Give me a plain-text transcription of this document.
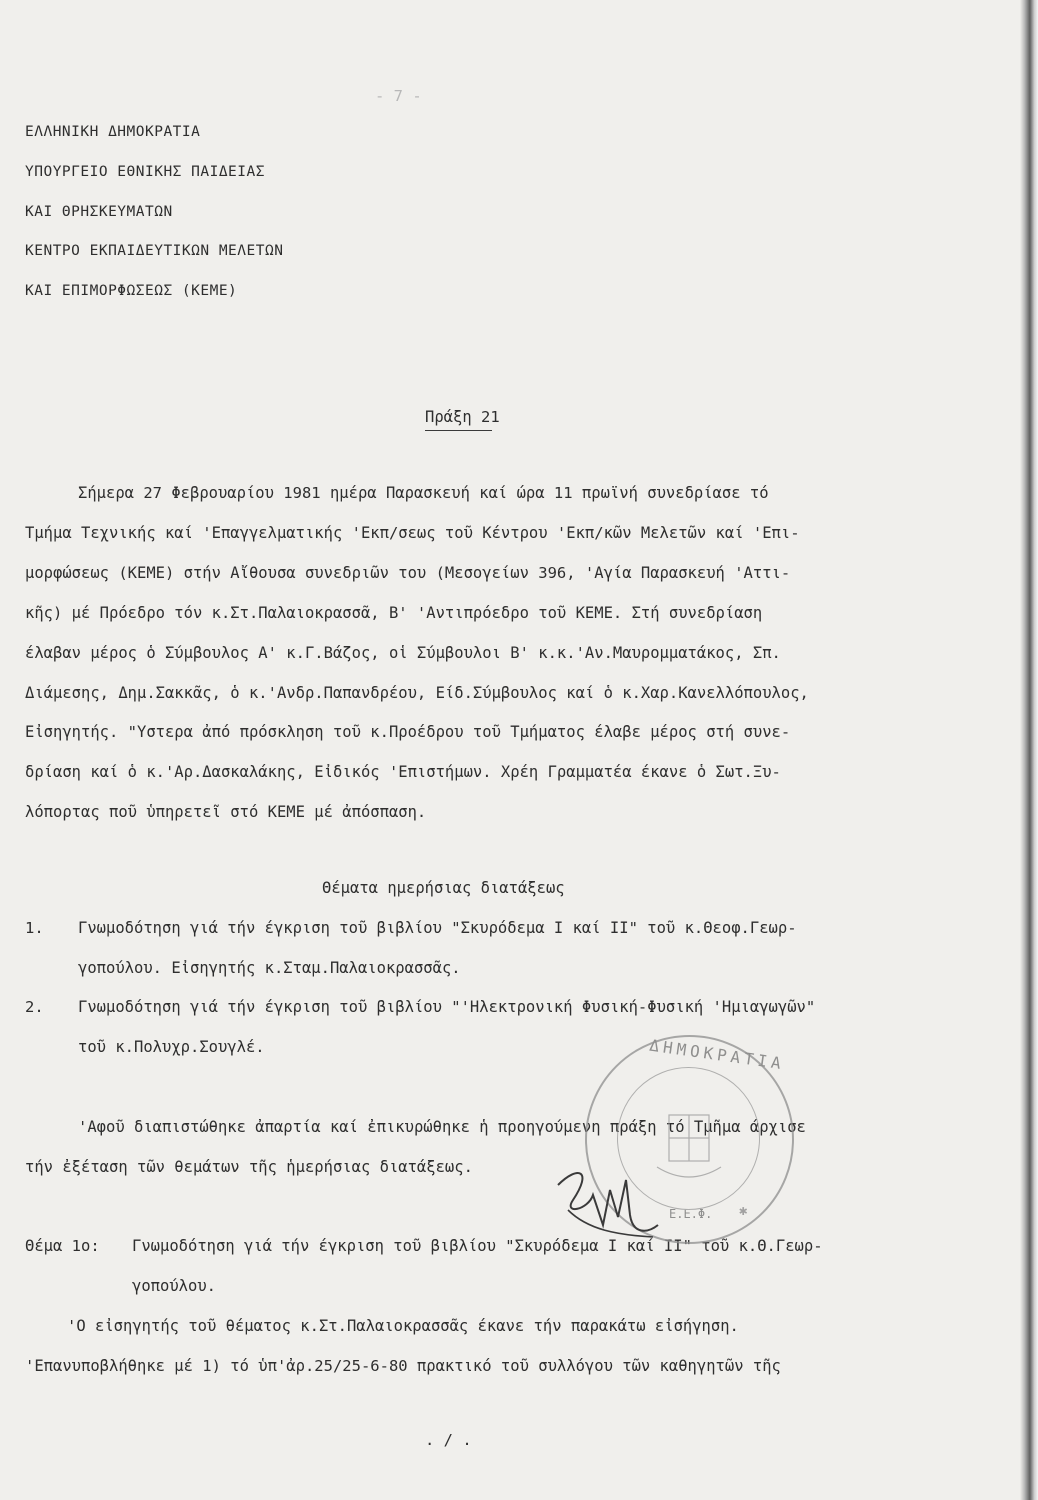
- 7 -
ΕΛΛΗΝΙΚΗ ΔΗΜΟΚΡΑΤΙΑ
ΥΠΟΥΡΓΕΙΟ ΕΘΝΙΚΗΣ ΠΑΙΔΕΙΑΣ
ΚΑΙ ΘΡΗΣΚΕΥΜΑΤΩΝ
ΚΕΝΤΡΟ ΕΚΠΑΙΔΕΥΤΙΚΩΝ ΜΕΛΕΤΩΝ
ΚΑΙ ΕΠΙΜΟΡΦΩΣΕΩΣ (ΚΕΜΕ)
Πράξη 21
Σήμερα 27 Φεβρουαρίου 1981 ημέρα Παρασκευή καί ώρα 11 πρωϊνή συνεδρίασε τό
Τμήμα Τεχνικής καί 'Επαγγελματικής 'Εκπ/σεως τοῦ Κέντρου 'Εκπ/κῶν Μελετῶν καί 'Επι-
μορφώσεως (ΚΕΜΕ) στήν Αἴθουσα συνεδριῶν του (Μεσογείων 396, 'Αγία Παρασκευή 'Αττι-
κῆς) μέ Πρόεδρο τόν κ.Στ.Παλαιοκρασσᾶ, Β' 'Αντιπρόεδρο τοῦ ΚΕΜΕ. Στή συνεδρίαση
έλαβαν μέρος ὁ Σύμβουλος Α' κ.Γ.Βάζος, οἱ Σύμβουλοι Β' κ.κ.'Αν.Μαυρομματάκος, Σπ.
Διάμεσης, Δημ.Σακκᾶς, ὁ κ.'Ανδρ.Παπανδρέου, Είδ.Σύμβουλος καί ὁ κ.Χαρ.Κανελλόπουλος,
Εἰσηγητής. "Υστερα ἀπό πρόσκληση τοῦ κ.Προέδρου τοῦ Τμήματος έλαβε μέρος στή συνε-
δρίαση καί ὁ κ.'Αρ.Δασκαλάκης, Εἰδικός 'Επιστήμων. Χρέη Γραμματέα έκανε ὁ Σωτ.Ξυ-
λόπορτας ποῦ ὑπηρετεῖ στό ΚΕΜΕ μέ ἀπόσπαση.
Θέματα ημερήσιας διατάξεως
1. Γνωμοδότηση γιά τήν έγκριση τοῦ βιβλίου "Σκυρόδεμα Ι καί ΙΙ" τοῦ κ.Θεοφ.Γεωρ-
γοπούλου. Εἰσηγητής κ.Σταμ.Παλαιοκρασσᾶς.
2. Γνωμοδότηση γιά τήν έγκριση τοῦ βιβλίου "'Ηλεκτρονική Φυσική-Φυσική 'Ημιαγωγῶν"
τοῦ κ.Πολυχρ.Σουγλέ.
'Αφοῦ διαπιστώθηκε ἀπαρτία καί ἐπικυρώθηκε ἡ προηγούμενη πράξη τό Τμῆμα άρχισε
τήν ἐξέταση τῶν θεμάτων τῆς ἡμερήσιας διατάξεως.
Θέμα 1ο: Γνωμοδότηση γιά τήν έγκριση τοῦ βιβλίου "Σκυρόδεμα Ι καί ΙΙ" τοῦ κ.Θ.Γεωρ-
γοπούλου.
'Ο εἰσηγητής τοῦ θέματος κ.Στ.Παλαιοκρασσᾶς έκανε τήν παρακάτω εἰσήγηση.
'Επανυποβλήθηκε μέ 1) τό ὑπ'ἀρ.25/25-6-80 πρακτικό τοῦ συλλόγου τῶν καθηγητῶν τῆς
. / .
ΔΗΜΟΚΡΑΤΙΑ
Ε.Ε.Φ. ✱
